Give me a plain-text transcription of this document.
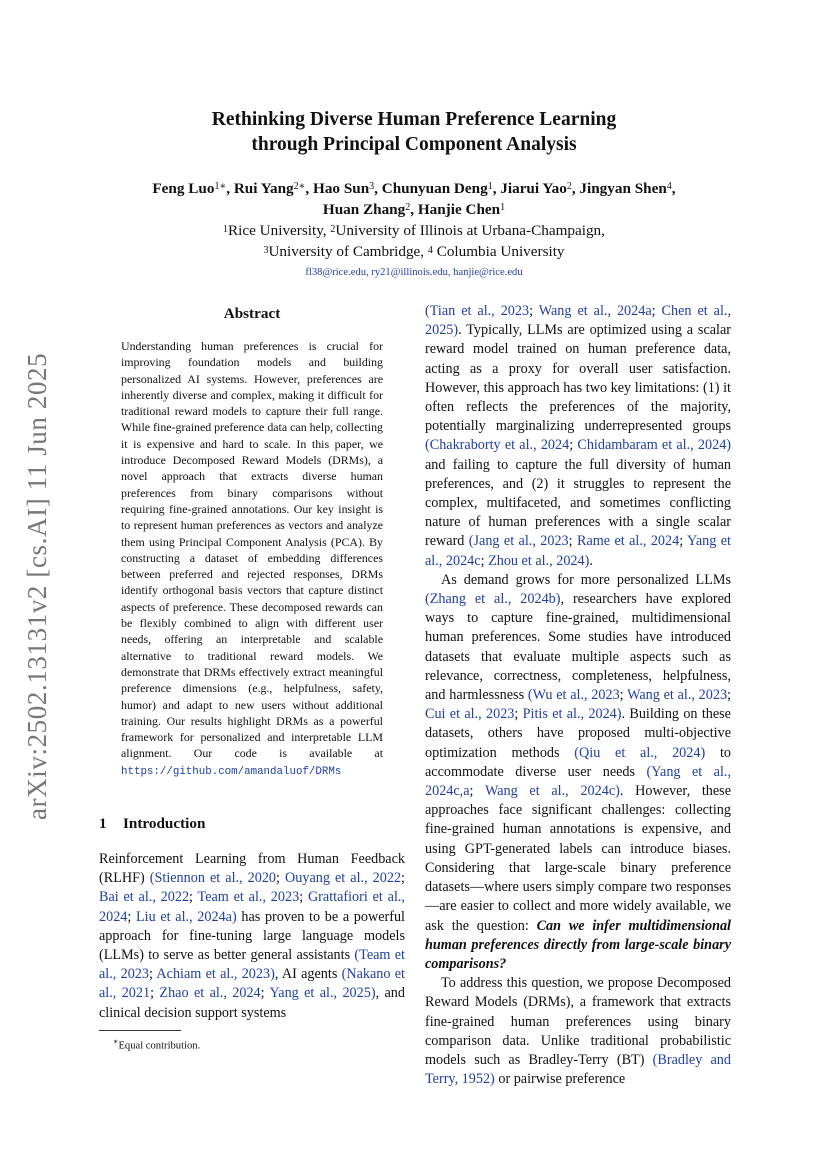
arXiv:2502.13131v2 [cs.AI] 11 Jun 2025
Rethinking Diverse Human Preference Learning
through Principal Component Analysis
Feng Luo$^{1∗}$, Rui Yang$^{2∗}$, Hao Sun$^3$, Chunyuan Deng$^1$, Jiarui Yao$^2$, Jingyan Shen$^4$,
Huan Zhang$^2$, Hanjie Chen$^1$
$^1$Rice University, $^2$University of Illinois at Urbana-Champaign,
$^3$University of Cambridge, $^4$ Columbia University
fl38@rice.edu, ry21@illinois.edu, hanjie@rice.edu
Abstract
Understanding human preferences is crucial for improving foundation models and building personalized AI systems. However, preferences are inherently diverse and complex, making it difficult for traditional reward models to capture their full range. While fine-grained preference data can help, collecting it is expensive and hard to scale. In this paper, we introduce Decomposed Reward Models (DRMs), a novel approach that extracts diverse human preferences from binary comparisons without requiring fine-grained annotations. Our key insight is to represent human preferences as vectors and analyze them using Principal Component Analysis (PCA). By constructing a dataset of embedding differences between preferred and rejected responses, DRMs identify orthogonal basis vectors that capture distinct aspects of preference. These decomposed rewards can be flexibly combined to align with different user needs, offering an interpretable and scalable alternative to traditional reward models. We demonstrate that DRMs effectively extract meaningful preference dimensions (e.g., helpfulness, safety, humor) and adapt to new users without additional training. Our results highlight DRMs as a powerful framework for personalized and interpretable LLM alignment. Our code is available at https://github.com/amandaluof/DRMs
1 Introduction

Reinforcement Learning from Human Feedback (RLHF) (Stiennon et al., 2020; Ouyang et al., 2022; Bai et al., 2022; Team et al., 2023; Grattafiori et al., 2024; Liu et al., 2024a) has proven to be a powerful approach for fine-tuning large language models (LLMs) to serve as better general assistants (Team et al., 2023; Achiam et al., 2023), AI agents (Nakano et al., 2021; Zhao et al., 2024; Yang et al., 2025), and clinical decision support systems

∗Equal contribution.

(Tian et al., 2023; Wang et al., 2024a; Chen et al., 2025). Typically, LLMs are optimized using a scalar reward model trained on human preference data, acting as a proxy for overall user satisfaction. However, this approach has two key limitations: (1) it often reflects the preferences of the majority, potentially marginalizing underrepresented groups (Chakraborty et al., 2024; Chidambaram et al., 2024) and failing to capture the full diversity of human preferences, and (2) it struggles to represent the complex, multifaceted, and sometimes conflicting nature of human preferences with a single scalar reward (Jang et al., 2023; Rame et al., 2024; Yang et al., 2024c; Zhou et al., 2024).

As demand grows for more personalized LLMs (Zhang et al., 2024b), researchers have explored ways to capture fine-grained, multidimensional human preferences. Some studies have introduced datasets that evaluate multiple aspects such as relevance, correctness, completeness, helpfulness, and harmlessness (Wu et al., 2023; Wang et al., 2023; Cui et al., 2023; Pitis et al., 2024). Building on these datasets, others have proposed multi-objective optimization methods (Qiu et al., 2024) to accommodate diverse user needs (Yang et al., 2024c,a; Wang et al., 2024c). However, these approaches face significant challenges: collecting fine-grained human annotations is expensive, and using GPT-generated labels can introduce biases. Considering that large-scale binary preference datasets—where users simply compare two responses—are easier to collect and more widely available, we ask the question: Can we infer multidimensional human preferences directly from large-scale binary comparisons?

To address this question, we propose Decomposed Reward Models (DRMs), a framework that extracts fine-grained human preferences using binary comparison data. Unlike traditional probabilistic models such as Bradley-Terry (BT) (Bradley and Terry, 1952) or pairwise preference
